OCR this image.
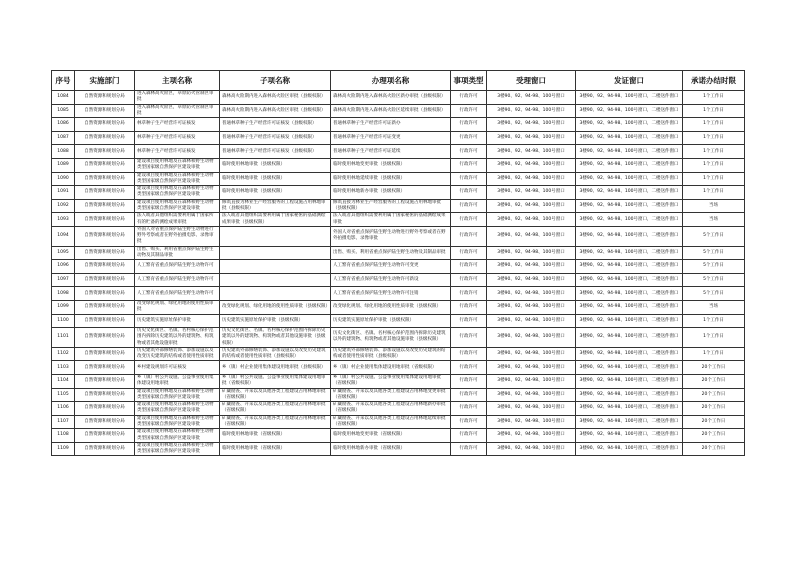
序号	实施部门	主项名称	子项名称	办理项名称	事项类型	受理窗口	发证窗口	承诺办结时限
1084	自然资源和规划分局	进入森林高火险区，草原防火管制区审批	森林高火险期内进入森林高火险区审批（县级权限）	森林高火险期内进入森林高火险区新办审批（县级权限）	行政许可	3楼90、92、94-98、100号窗口	3楼90、92、94-98、100号窗口，二楼送件窗口	1个工作日
1085	自然资源和规划分局	进入森林高火险区，草原防火管制区审批	森林高火险期内进入森林高火险区审批（县级权限）	森林高火险期内进入森林高火险区延续审批（县级权限）	行政许可	3楼90、92、94-98、100号窗口	3楼90、92、94-98、100号窗口，二楼送件窗口	1个工作日
1086	自然资源和规划分局	林草种子生产经营许可证核发	普通林草种子生产经营许可证核发（县级权限）	普通林草种子生产经营许可证新办	行政许可	3楼90、92、94-98、100号窗口	3楼90、92、94-98、100号窗口，二楼送件窗口	1个工作日
1087	自然资源和规划分局	林草种子生产经营许可证核发	普通林草种子生产经营许可证核发（县级权限）	普通林草种子生产经营许可证变更	行政许可	3楼90、92、94-98、100号窗口	3楼90、92、94-98、100号窗口，二楼送件窗口	1个工作日
1088	自然资源和规划分局	林草种子生产经营许可证核发	普通林草种子生产经营许可证核发（县级权限）	普通林草种子生产经营许可证延续	行政许可	3楼90、92、94-98、100号窗口	3楼90、92、94-98、100号窗口，二楼送件窗口	1个工作日
1089	自然资源和规划分局	建设项目使用林地及在森林和野生动物类型国家级自然保护区建设审批	临时使用林地审批（县级权限）	临时使用林地变更审批（县级权限）	行政许可	3楼90、92、94-98、100号窗口	3楼90、92、94-98、100号窗口，二楼送件窗口	1个工作日
1090	自然资源和规划分局	建设项目使用林地及在森林和野生动物类型国家级自然保护区建设审批	临时使用林地审批（县级权限）	临时使用林地延续审批（县级权限）	行政许可	3楼90、92、94-98、100号窗口	3楼90、92、94-98、100号窗口，二楼送件窗口	1个工作日
1091	自然资源和规划分局	建设项目使用林地及在森林和野生动物类型国家级自然保护区建设审批	临时使用林地审批（县级权限）	临时使用林地新办审批（县级权限）	行政许可	3楼90、92、94-98、100号窗口	3楼90、92、94-98、100号窗口，二楼送件窗口	1个工作日
1092	自然资源和规划分局	建设项目使用林地及在森林和野生动物类型国家级自然保护区建设审批	修筑直接为林业生产经营服务的工程设施占用林地审批（县级权限）	修筑直接为林业生产经营服务的工程设施占用林地审批（县级权限）	行政许可	3楼90、92、94-98、100号窗口	3楼90、92、94-98、100号窗口，二楼送件窗口	当场
1093	自然资源和规划分局	法人或者其他组织需要利用属于国家所有的贮备的测绘成果审批	法人或者其他组织需要利用属于国家秘密的基础测绘成果审批（县级权限）	法人或者其他组织需要利用属于国家秘密的基础测绘成果审批	行政许可	3楼90、92、94-98、100号窗口	3楼90、92、94-98、100号窗口，二楼送件窗口	当场
1094	自然资源和规划分局	外国人对省重点保护陆生野生动物进行野外考察或者在野外拍摄电影、录像审批		外国人对省重点保护陆生野生动物进行野外考察或者在野外拍摄电影、录像审批	行政许可	3楼90、92、94-98、100号窗口	3楼90、92、94-98、100号窗口，二楼送件窗口	5个工作日
1095	自然资源和规划分局	出售、购买、利用省重点保护陆生野生动物及其制品审批		出售、购买、利用省重点保护陆生野生动物及其制品审批	行政许可	3楼90、92、94-98、100号窗口	3楼90、92、94-98、100号窗口，二楼送件窗口	5个工作日
1096	自然资源和规划分局	人工繁育省重点保护陆生野生动物许可		人工繁育省重点保护陆生野生动物许可变更	行政许可	3楼90、92、94-98、100号窗口	3楼90、92、94-98、100号窗口，二楼送件窗口	5个工作日
1097	自然资源和规划分局	人工繁育省重点保护陆生野生动物许可		人工繁育省重点保护陆生野生动物许可新设	行政许可	3楼90、92、94-98、100号窗口	3楼90、92、94-98、100号窗口，二楼送件窗口	5个工作日
1098	自然资源和规划分局	人工繁育省重点保护陆生野生动物许可		人工繁育省重点保护陆生野生动物许可注销	行政许可	3楼90、92、94-98、100号窗口	3楼90、92、94-98、100号窗口，二楼送件窗口	5个工作日
1099	自然资源和规划分局	改变绿化规划、绿化用地的使用性质审批	改变绿化规划、绿化用地的使用性质审批（县级权限）	改变绿化规划、绿化用地的使用性质审批（县级权限）	行政许可	3楼90、92、94-98、100号窗口	3楼90、92、94-98、100号窗口，二楼送件窗口	当场
1100	自然资源和规划分局	历史建筑实施原址保护审批	历史建筑实施原址保护审批（县级权限）	历史建筑实施原址保护审批（县级权限）	行政许可	3楼90、92、94-98、100号窗口	3楼90、92、94-98、100号窗口，二楼送件窗口	1个工作日
1101	自然资源和规划分局	历史文化街区、名镇、名村核心保护范围内拆除历史建筑以外的建筑物、构筑物或者其他设施审批	历史文化街区、名镇、名村核心保护范围内拆除历史建筑以外的建筑物、构筑物或者其他设施审批（县级权限）	历史文化街区、名镇、名村核心保护范围内拆除历史建筑以外的建筑物、构筑物或者其他设施审批（县级权限）	行政许可	3楼90、92、94-98、100号窗口	3楼90、92、94-98、100号窗口，二楼送件窗口	1个工作日
1102	自然资源和规划分局	历史建筑外部修缮装饰、添加设施以及改变历史建筑的结构或者使用性质审批	历史建筑外部修缮装饰、添加设施以及改变历史建筑的结构或者使用性质审批（县级权限）	历史建筑外部修缮装饰、添加设施以及改变历史建筑的结构或者使用性质审批（县级权限）	行政许可	3楼90、92、94-98、100号窗口	3楼90、92、94-98、100号窗口，二楼送件窗口	1个工作日
1103	自然资源和规划分局	乡村建设规划许可证核发	乡（镇）村企业使用集体建设用地审批（县级权限）	乡（镇）村企业使用集体建设用地审批（省级权限）	行政许可	3楼90、92、94-98、100号窗口	3楼90、92、94-98、100号窗口，二楼送件窗口	20个工作日
1104	自然资源和规划分局	乡（镇）村公共设施、公益事业使用集体建设用地审批	乡（镇）村公共设施、公益事业使用集体建设用地审批（省级权限）	乡（镇）村公共设施、公益事业使用集体建设用地审批（省级权限）	行政许可	3楼90、92、94-98、100号窗口	3楼90、92、94-98、100号窗口，二楼送件窗口	20个工作日
1105	自然资源和规划分局	建设项目使用林地及在森林和野生动物类型国家级自然保护区建设审批	矿藏勘查、开采以及其他各类工程建设占用林地审批（省级权限）	矿藏勘查、开采以及其他各类工程建设占用林地变更审批（省级权限）	行政许可	3楼90、92、94-98、100号窗口	3楼90、92、94-98、100号窗口，二楼送件窗口	20个工作日
1106	自然资源和规划分局	建设项目使用林地及在森林和野生动物类型国家级自然保护区建设审批	矿藏勘查、开采以及其他各类工程建设占用林地审批（省级权限）	矿藏勘查、开采以及其他各类工程建设占用林地新办审批（省级权限）	行政许可	3楼90、92、94-98、100号窗口	3楼90、92、94-98、100号窗口，二楼送件窗口	20个工作日
1107	自然资源和规划分局	建设项目使用林地及在森林和野生动物类型国家级自然保护区建设审批	矿藏勘查、开采以及其他各类工程建设占用林地审批（省级权限）	矿藏勘查、开采以及其他各类工程建设占用林地延续审批（省级权限）	行政许可	3楼90、92、94-98、100号窗口	3楼90、92、94-98、100号窗口，二楼送件窗口	20个工作日
1108	自然资源和规划分局	建设项目使用林地及在森林和野生动物类型国家级自然保护区建设审批	临时使用林地审批（省级权限）	临时使用林地变更审批（省级权限）	行政许可	3楼90、92、94-98、100号窗口	3楼90、92、94-98、100号窗口，二楼送件窗口	20个工作日
1109	自然资源和规划分局	建设项目使用林地及在森林和野生动物类型国家级自然保护区建设审批	临时使用林地审批（省级权限）	临时使用林地新办审批（省级权限）	行政许可	3楼90、92、94-98、100号窗口	3楼90、92、94-98、100号窗口，二楼送件窗口	20个工作日
